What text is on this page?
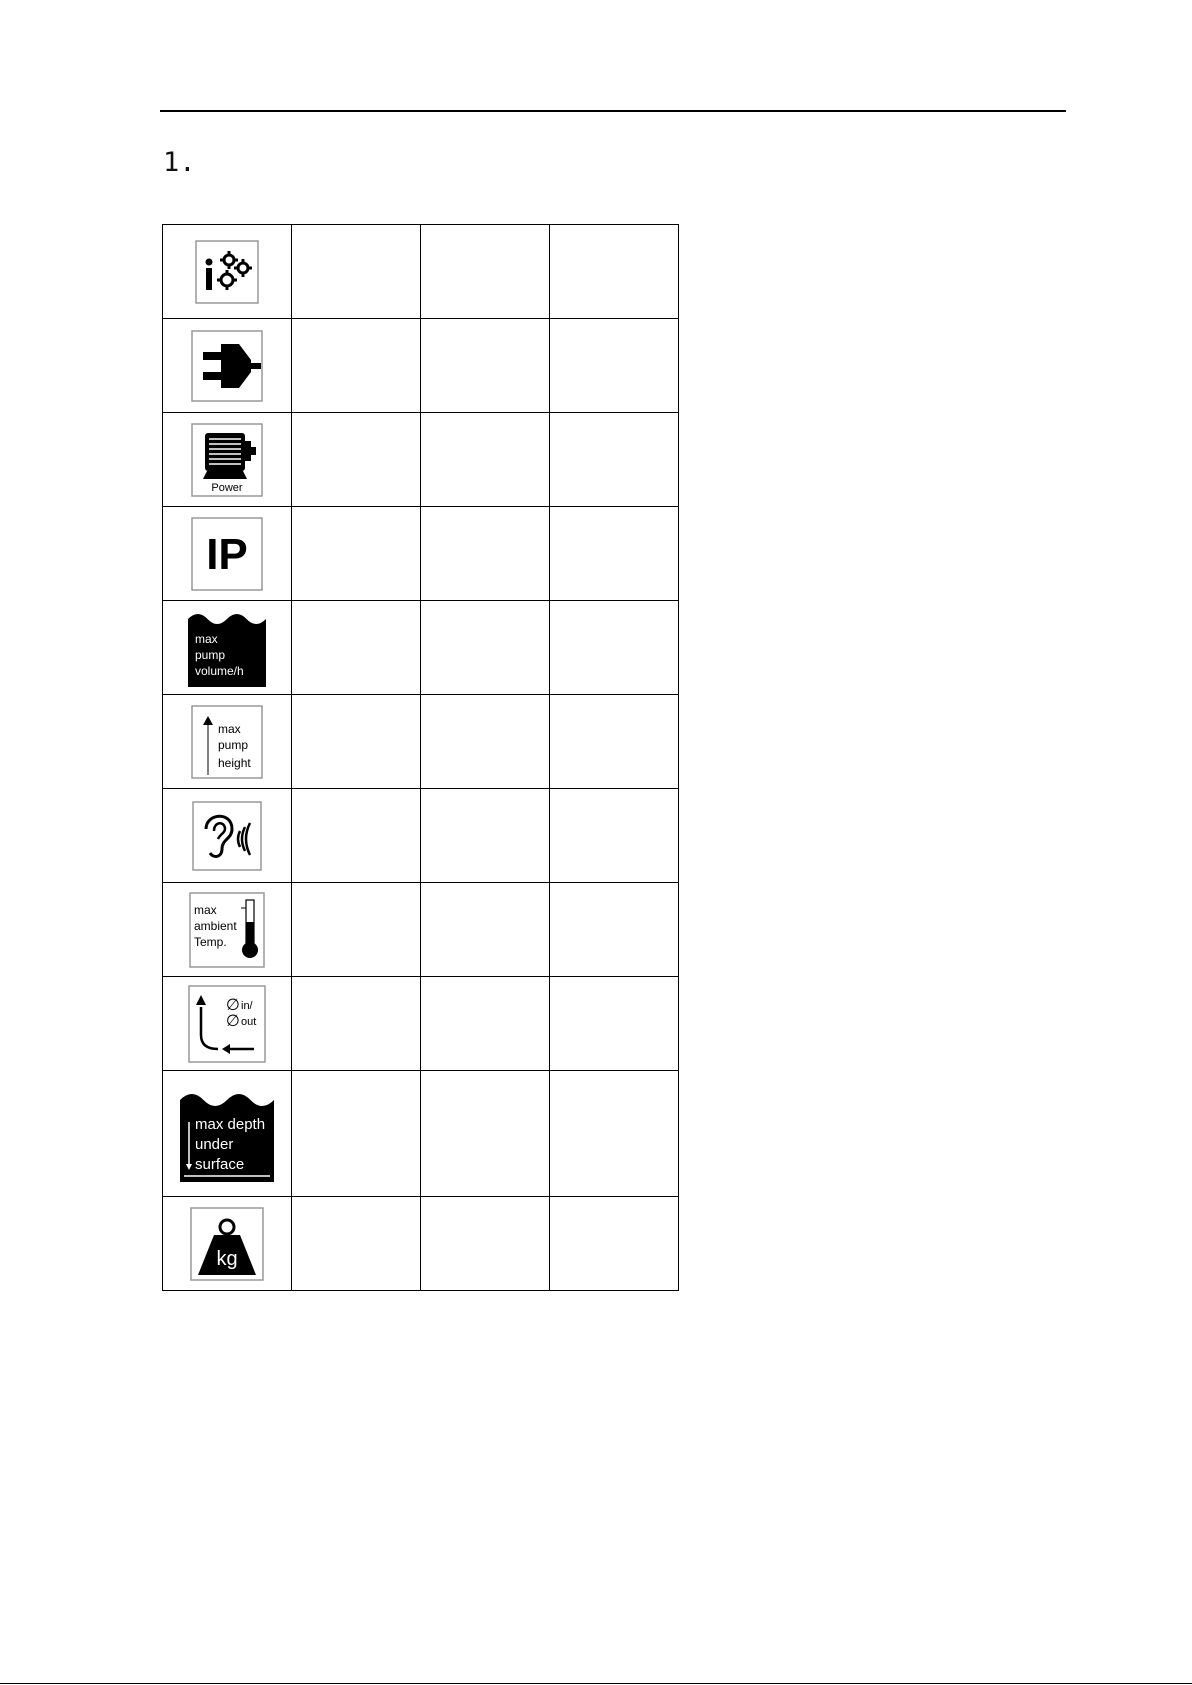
1.

Power			

IP			

max
pump
volume/h			

max
pump
height			

max
ambient
Temp.			

∅ in/
∅ out			

max depth
under
surface			

kg			
